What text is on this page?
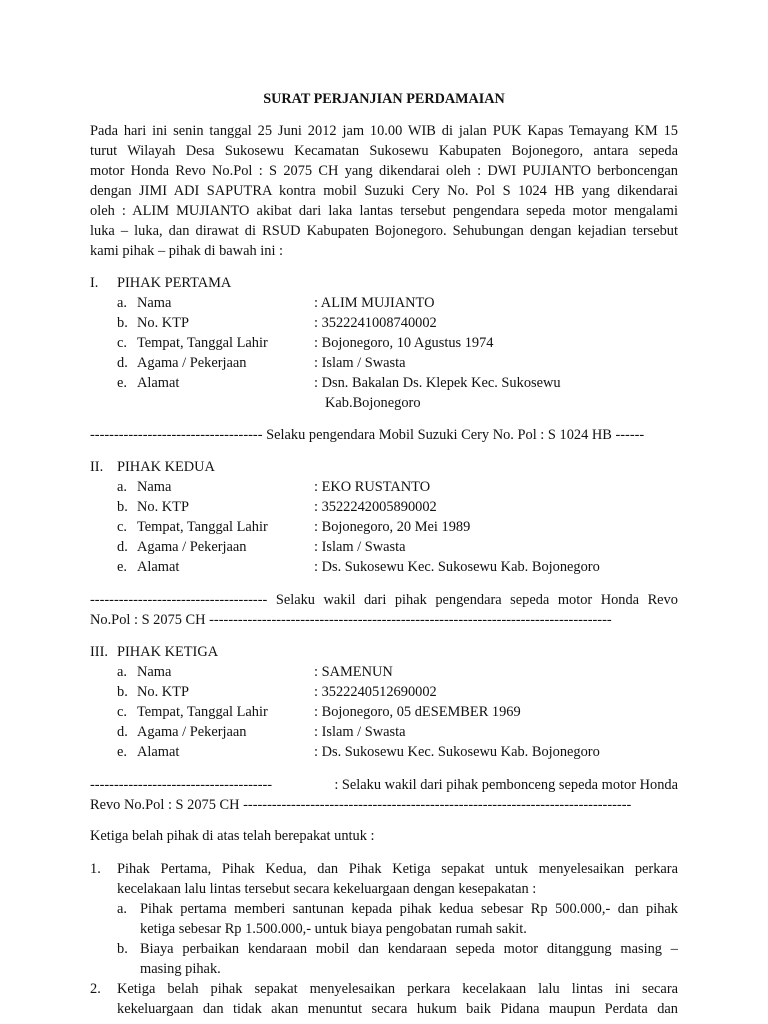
SURAT PERJANJIAN PERDAMAIAN
Pada hari ini senin tanggal 25 Juni 2012 jam 10.00 WIB di jalan PUK Kapas Temayang KM 15
turut Wilayah Desa Sukosewu Kecamatan Sukosewu Kabupaten Bojonegoro, antara sepeda
motor Honda Revo No.Pol : S 2075 CH yang dikendarai oleh : DWI PUJIANTO berboncengan
dengan JIMI ADI SAPUTRA kontra mobil Suzuki Cery No. Pol S 1024 HB yang dikendarai
oleh : ALIM MUJIANTO akibat dari laka lantas tersebut pengendara sepeda motor mengalami
luka – luka, dan dirawat di RSUD Kabupaten Bojonegoro. Sehubungan dengan kejadian tersebut
kami pihak – pihak di bawah ini :
I. PIHAK PERTAMA
a. Nama	: ALIM MUJIANTO
b. No. KTP	: 3522241008740002
c. Tempat, Tanggal Lahir	: Bojonegoro, 10 Agustus 1974
d. Agama / Pekerjaan	: Islam / Swasta
e. Alamat	: Dsn. Bakalan Ds. Klepek Kec. Sukosewu
Kab.Bojonegoro
------------------------------------ Selaku pengendara Mobil Suzuki Cery No. Pol : S 1024 HB ------
II. PIHAK KEDUA
a. Nama	: EKO RUSTANTO
b. No. KTP	: 3522242005890002
c. Tempat, Tanggal Lahir	: Bojonegoro, 20 Mei 1989
d. Agama / Pekerjaan	: Islam / Swasta
e. Alamat	: Ds. Sukosewu Kec. Sukosewu Kab. Bojonegoro
------------------------------------- Selaku wakil dari pihak pengendara sepeda motor Honda Revo
No.Pol : S 2075 CH ------------------------------------------------------------------------------------
III. PIHAK KETIGA
a. Nama	: SAMENUN
b. No. KTP	: 3522240512690002
c. Tempat, Tanggal Lahir	: Bojonegoro, 05 dESEMBER 1969
d. Agama / Pekerjaan	: Islam / Swasta
e. Alamat	: Ds. Sukosewu Kec. Sukosewu Kab. Bojonegoro
--------------------------------------	: Selaku wakil dari pihak pembonceng sepeda motor Honda
Revo No.Pol : S 2075 CH ---------------------------------------------------------------------------------
Ketiga belah pihak di atas telah berepakat untuk :
1. Pihak Pertama, Pihak Kedua, dan Pihak Ketiga sepakat untuk menyelesaikan perkara
kecelakaan lalu lintas tersebut secara kekeluargaan dengan kesepakatan :
a. Pihak pertama memberi santunan kepada pihak kedua sebesar Rp 500.000,- dan pihak
ketiga sebesar Rp 1.500.000,- untuk biaya pengobatan rumah sakit.
b. Biaya perbaikan kendaraan mobil dan kendaraan sepeda motor ditanggung masing –
masing pihak.
2. Ketiga belah pihak sepakat menyelesaikan perkara kecelakaan lalu lintas ini secara
kekeluargaan dan tidak akan menuntut secara hukum baik Pidana maupun Perdata dan
